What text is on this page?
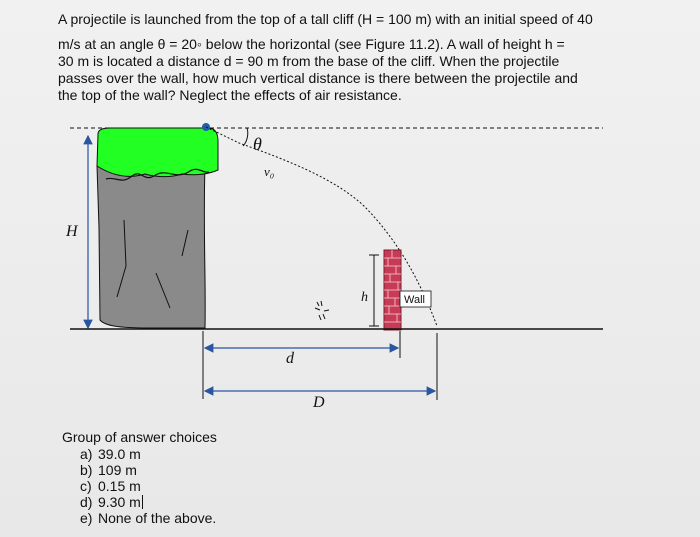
A projectile is launched from the top of a tall cliff (H = 100 m) with an initial speed of 40
m/s at an angle θ = 20◦ below the horizontal (see Figure 11.2). A wall of height h =
30 m is located a distance d = 90 m from the base of the cliff. When the projectile
passes over the wall, how much vertical distance is there between the projectile and
the top of the wall? Neglect the effects of air resistance.
H
θ
v₀
h	Wall
d
D
Group of answer choices
a) 39.0 m
b) 109 m
c) 0.15 m
d) 9.30 m
e) None of the above.
